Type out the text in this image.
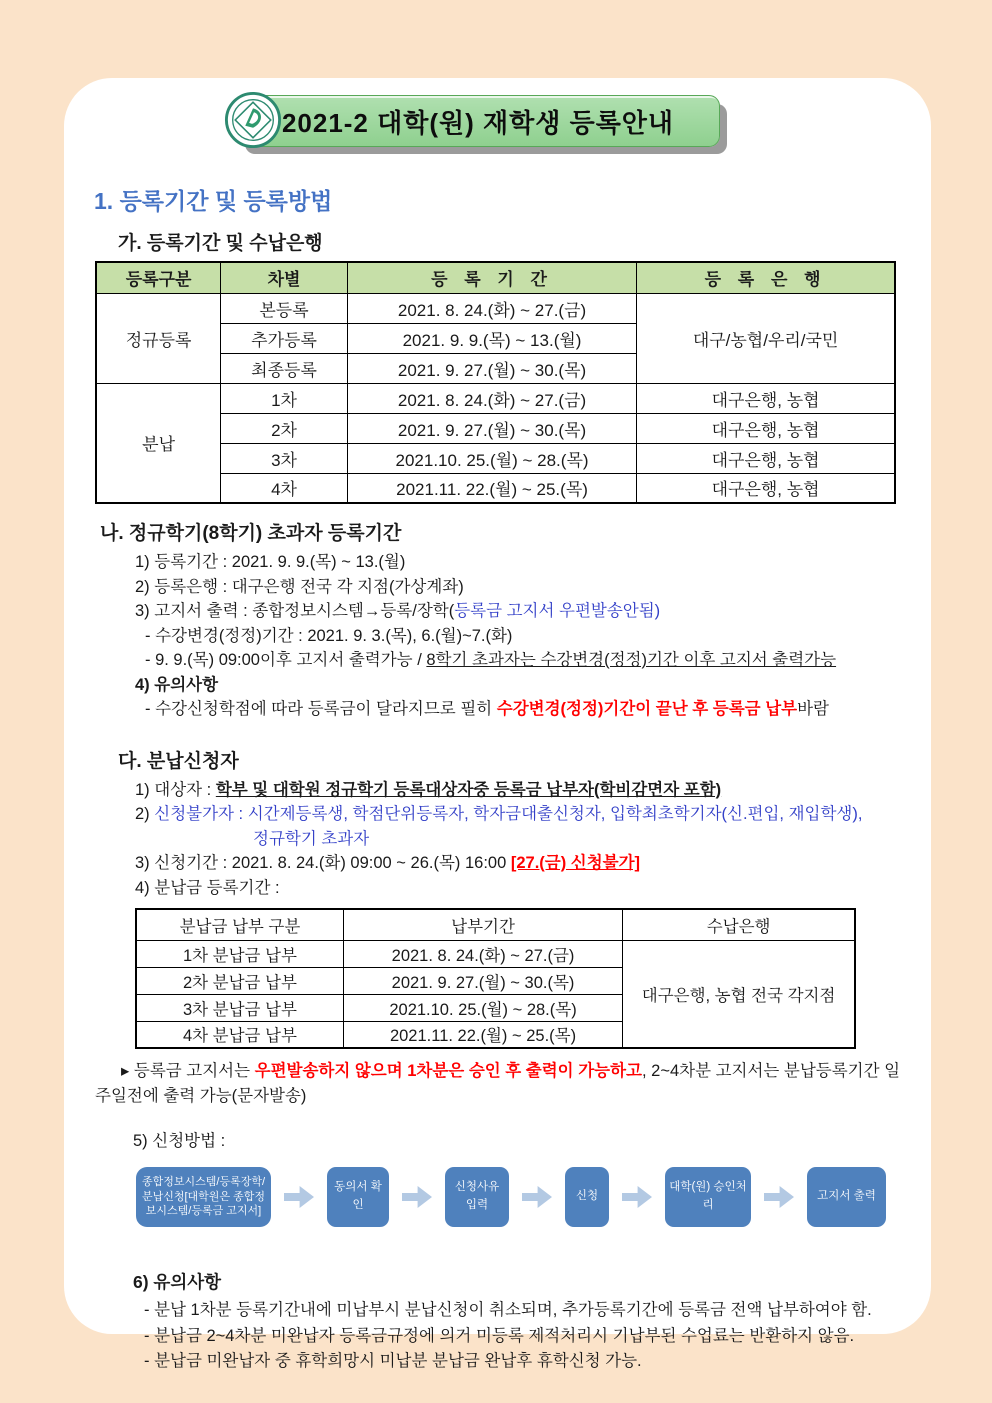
2021-2 대학(원) 재학생 등록안내
1. 등록기간 및 등록방법
가. 등록기간 및 수납은행
등록구분	차별	등 록 기 간	등 록 은 행
정규등록	본등록	2021. 8. 24.(화) ~ 27.(금)	대구/농협/우리/국민
	추가등록	2021. 9. 9.(목) ~ 13.(월)	
	최종등록	2021. 9. 27.(월) ~ 30.(목)	
분납	1차	2021. 8. 24.(화) ~ 27.(금)	대구은행, 농협
	2차	2021. 9. 27.(월) ~ 30.(목)	대구은행, 농협
	3차	2021.10. 25.(월) ~ 28.(목)	대구은행, 농협
	4차	2021.11. 22.(월) ~ 25.(목)	대구은행, 농협
나. 정규학기(8학기) 초과자 등록기간
1) 등록기간 : 2021. 9. 9.(목) ~ 13.(월)
2) 등록은행 : 대구은행 전국 각 지점(가상계좌)
3) 고지서 출력 : 종합정보시스템→등록/장학(등록금 고지서 우편발송안됨)
- 수강변경(정정)기간 : 2021. 9. 3.(목), 6.(월)~7.(화)
- 9. 9.(목) 09:00이후 고지서 출력가능 / 8학기 초과자는 수강변경(정정)기간 이후 고지서 출력가능
4) 유의사항
- 수강신청학점에 따라 등록금이 달라지므로 필히 수강변경(정정)기간이 끝난 후 등록금 납부바람
다. 분납신청자
1) 대상자 : 학부 및 대학원 정규학기 등록대상자중 등록금 납부자(학비감면자 포함)
2) 신청불가자 : 시간제등록생, 학점단위등록자, 학자금대출신청자, 입학최초학기자(신.편입, 재입학생),
정규학기 초과자
3) 신청기간 : 2021. 8. 24.(화) 09:00 ~ 26.(목) 16:00 [27.(금) 신청불가]
4) 분납금 등록기간 :
분납금 납부 구분	납부기간	수납은행
1차 분납금 납부	2021. 8. 24.(화) ~ 27.(금)	대구은행, 농협 전국 각지점
2차 분납금 납부	2021. 9. 27.(월) ~ 30.(목)	
3차 분납금 납부	2021.10. 25.(월) ~ 28.(목)	
4차 분납금 납부	2021.11. 22.(월) ~ 25.(목)	

▸ 등록금 고지서는 우편발송하지 않으며 1차분은 승인 후 출력이 가능하고, 2~4차분 고지서는 분납등록기간 일주일전에 출력 가능(문자발송)

5) 신청방법 :
종합정보시스템/등록장학/분납신청[대학원은 종합정보시스템/등록금 고지서]
동의서 확인
신청사유 입력
신청
대학(원) 승인처리
고지서 출력
6) 유의사항
- 분납 1차분 등록기간내에 미납부시 분납신청이 취소되며, 추가등록기간에 등록금 전액 납부하여야 함.
- 분납금 2~4차분 미완납자 등록금규정에 의거 미등록 제적처리시 기납부된 수업료는 반환하지 않음.
- 분납금 미완납자 중 휴학희망시 미납분 분납금 완납후 휴학신청 가능.
